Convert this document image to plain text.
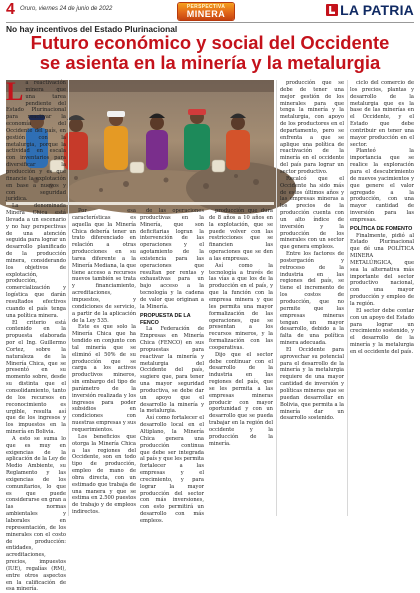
4 Oruro, viernes 24 de junio de 2022	PERSPECTIVA
MINERA	LA PATRIA
No hay incentivos del Estado Plurinacional
Futuro económico y social del Occidente
se asienta en la minería y la metalurgia

La reactivación minera que una tarea pendiente del Estado Plurinacional para reactivar la economía del Occidente del país, en gestión con la metalurgia, porque la actividad en escala con inventarios para diversificar la producción y es que financie la explotación en base a nuevos y con seguridad jurídica.

La denominada Minera Chica está llevada a un escenario y no hay perspectivas de una atención seguida para lograr un desarrollo planificado de la producción minera, considerando los objetivos de explotación, producción, comercialización y logística que darán resultados efectivos cuando el país tenga una política minera.

El criterio está contenido en la propuesta elaborada por el Ing. Guillermo Cortez, sobre la naturaleza de la Minería Chica, que se presentó en su momento sobre, desde su distinta que el consolidamiento, tanto de los recursos en reconocimiento es urgible, resulta así que de los ingresos y los impuestos en la minería en Bolivia.

A esto se suma lo que es muy en exigencias de la aplicación de la Ley de Medio Ambiente, su Reglamento y las exigencias de los comunitarios, lo que es que puede considerarse en gran a las normas ambientales y laborales en representación, de los minerales con el costo de producción: entidades, acreditaciones, precios, impuestos (IUE), regalías (RM), entre otros aspectos en la calificación de esa minería.

Por esa características es aquella que la Minería Chica debería tener un trato diferenciado en relación a otras producciones en su tarea diferente a la Minería Mediana, la que tiene acceso a recursos nuevos también se trata y financiamiento, acreditaciones, impuestos, y condiciones de servicio, a partir de la aplicación de la Ley 535.

Este es que solo la Minería Chica que ha tendido en conjunto con tal minería que se eliminó el 50% de su producción que se carga a los activos productivos mineros, sin embargo del tipo de parámetro de la inversión realizada y los ingresos para poder subsidios en condiciones con nuestras empresas y sus requerimientos.

Los beneficios que otorga la Minería Chica a las regiones del Occidente, son en todo tipo de producción, empleo de mano de obra directa, con un estimado que trabaja de una manera y que se estima en 2.500 puestos de trabajo y de empleos indirectos.

de las operaciones productivas en la Minería, que son deficitarias logran la intervención de las operaciones y el agotamiento de la existencia para las operaciones que resultan por rentas y exhaustivas para un bajo acceso a la tecnología y la cadena de valor que originan a la Minería.

PROPUESTA DE LA FENCO

La Federación de Empresas en Minería Chica (FENCO) en sus propuestas para reactivar la minería y metalurgia del Occidente del país, sugiere que, para tener una mayor seguridad productiva, se debe dar un apoyo que el desarrollo la minería y la metalurgia.

Así como fortalecer el desarrollo local en el Altiplano, la Minería Chica genera una producción continua que debe ser integrada al país y que les permita fortalecer a las empresas y el crecimiento, y para lograr la mayor producción del sector con más inversiones, con esto permitirá un desarrollo con más empleos.

producción que dura de 8 años a 10 años en la explotación, que se puede volver con las restricciones que se financien las operaciones que se den a las empresas.

Así como la tecnología a través de las vías a que los de la producción en el país, y que la función con la empresa minera y que les permita una mayor formalización de las operaciones, que se presentan a los recursos mineros, y la formalización con las cooperativas.

Dijo que el sector debe continuar con el desarrollo de la industria en las regiones del país, que se les permita a las empresas mineras producir con mayor oportunidad y con un desarrollo que se pueda trabajar en la región del occidente y la producción de la minería.

producción que se debe de tener una mejor gestión de los minerales para que tenga la minería y la metalurgia, con apoyo de los productores en el departamento, pero se enfrenta a que se aplique una política de reactivación de la minería en el occidente del país para lograr un sector productivo.

Recalcó que el Occidente ha sido más de estos últimos años y las empresas mineras a los precios de la producción cuenta con un alto índice de inversión y la producción de los minerales con un sector que genera empleos.

Entre los factores de postergación y retroceso de la industria en las regiones del país, se tiene el incremento de los costos de producción, que no permite que las empresas mineras tengan un mayor desarrollo, debido a la falta de una política minera adecuada.

El Occidente para aprovechar su potencial para el desarrollo de la minería y la metalurgia requiere de una mayor cantidad de inversión y políticas mineras que se puedan desarrollar en Bolivia, que permita a la minería dar un desarrollo sostenido.

ciclo del comercio de los precios, plantas y desarrollo de la metalurgia que es la base de las minerías en el Occidente, y el Estado que debe contribuir en tener una mayor producción en el sector.

Planteó la importancia que se realice la exploración para el descubrimiento de nuevos yacimientos y que genere el valor agregado a la producción, con una mayor cantidad de inversión para las empresas.

POLÍTICA DE FOMENTO

Finalmente, pidió al Estado Plurinacional que dé una POLÍTICA MINERA METALÚRGICA, que sea la alternativa más importante del sector productivo nacional, con una mayor producción y empleo de la región.

El sector debe contar con un apoyo del Estado para lograr un crecimiento sostenido, y el desarrollo de la minería y la metalurgia en el occidente del país.
